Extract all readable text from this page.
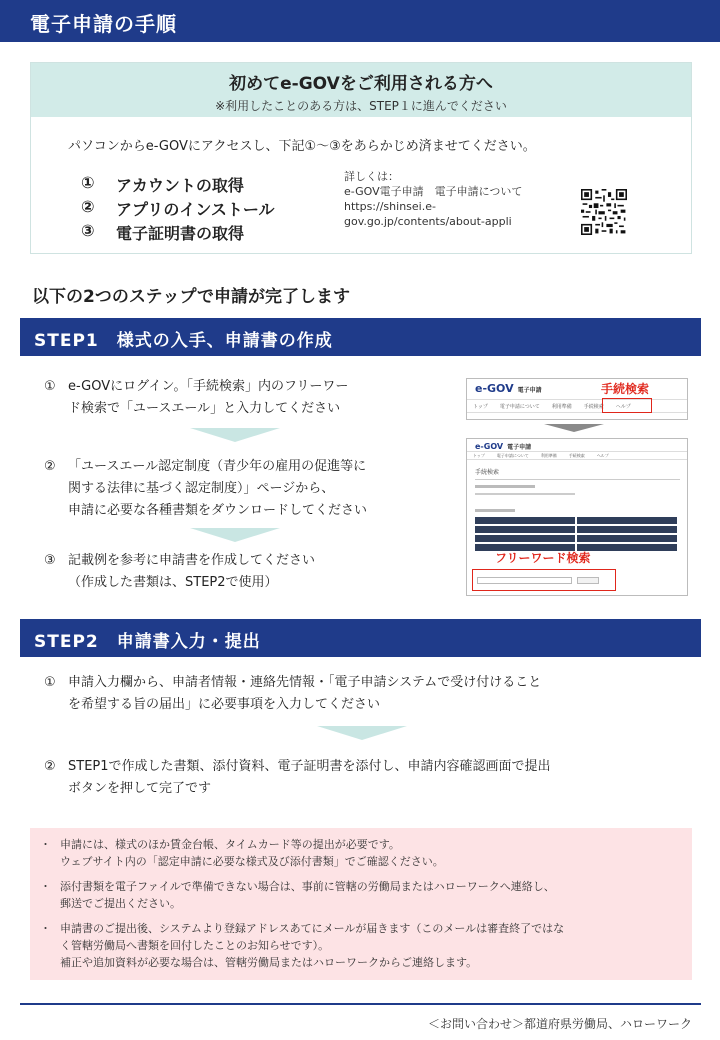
電子申請の手順
初めてe-GOVをご利用される方へ
※利用したことのある方は、STEP１に進んでください
パソコンからe-GOVにアクセスし、下記①～③をあらかじめ済ませてください。
①	アカウントの取得
②	アプリのインストール
③	電子証明書の取得
詳しくは：
e-GOV電子申請　電子申請について
https://shinsei.e-
gov.go.jp/contents/about-appli
以下の2つのステップで申請が完了します
STEP1　様式の入手、申請書の作成
① e-GOVにログイン。「手続検索」内のフリーワー
ド検索で「ユースエール」と入力してください
② 「ユースエール認定制度（青少年の雇用の促進等に
関する法律に基づく認定制度）」ページから、
申請に必要な各種書類をダウンロードしてください
③ 記載例を参考に申請書を作成してください
（作成した書類は、STEP2で使用）
e-GOV 電子申請
トップ	電子申請について	利用準備	手続検索	ヘルプ
手続検索
e-GOV 電子申請
トップ	電子申請について	利用準備	手続検索	ヘルプ
手続検索
フリーワード検索
STEP2　申請書入力・提出
① 申請入力欄から、申請者情報・連絡先情報・「電子申請システムで受け付けること
を希望する旨の届出」に必要事項を入力してください
② STEP1で作成した書類、添付資料、電子証明書を添付し、申請内容確認画面で提出
ボタンを押して完了です
・ 申請には、様式のほか賃金台帳、タイムカード等の提出が必要です。
ウェブサイト内の「認定申請に必要な様式及び添付書類」でご確認ください。
・ 添付書類を電子ファイルで準備できない場合は、事前に管轄の労働局またはハローワークへ連絡し、
郵送でご提出ください。
・ 申請書のご提出後、システムより登録アドレスあてにメールが届きます（このメールは審査終了ではな
く管轄労働局へ書類を回付したことのお知らせです）。
補正や追加資料が必要な場合は、管轄労働局またはハローワークからご連絡します。
＜お問い合わせ＞都道府県労働局、ハローワーク
